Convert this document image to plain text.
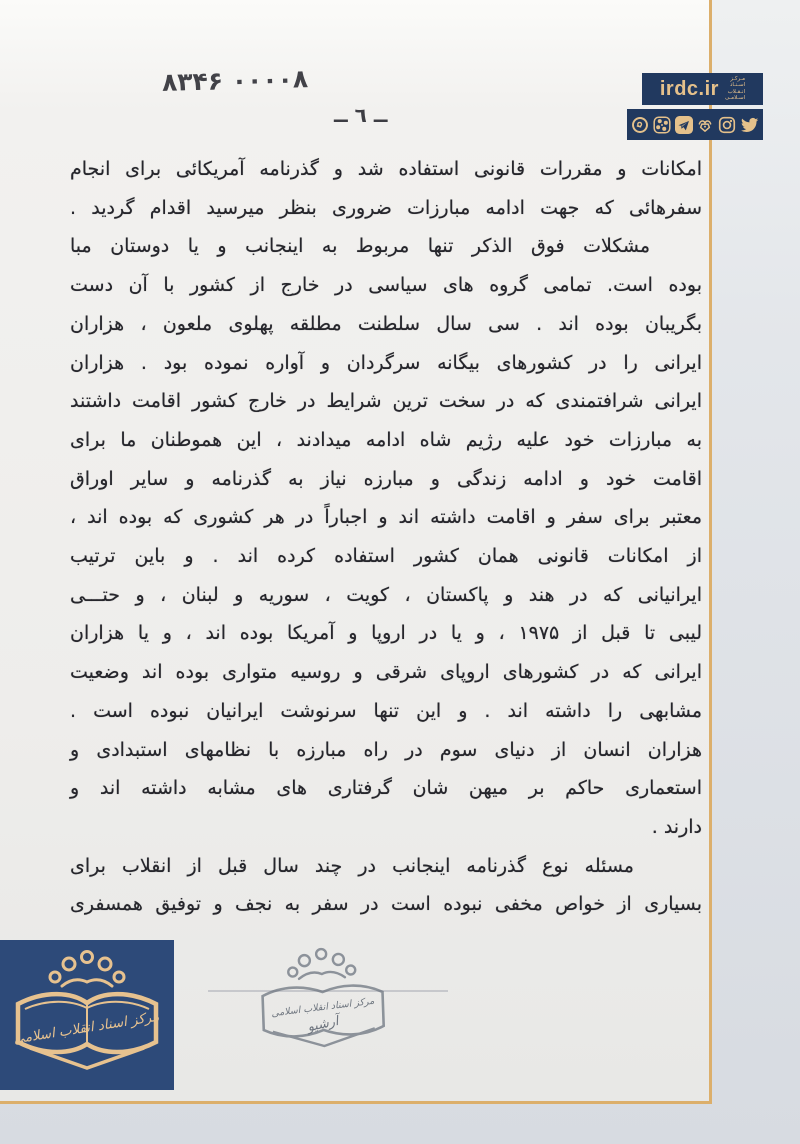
۸۳۴۶ ۰۰۰۰۸
ــ ٦ ــ
امکانات و مقررات قانونی استفاده شد و گذرنامه آمریکائی برای انجام
سفرهائی که جهت ادامه مبارزات ضروری بنظر میرسید اقدام گردید .
مشکلات فوق الذکر تنها مربوط به اینجانب و یا دوستان مبا
بوده است. تمامی گروه های سیاسی در خارج از کشور با آن دست
بگریبان بوده اند . سی سال سلطنت مطلقه پهلوی ملعون ، هزاران
ایرانی را در کشورهای بیگانه سرگردان و آواره نموده بود . هزاران
ایرانی شرافتمندی که در سخت ترین شرایط در خارج کشور اقامت داشتند
به مبارزات خود علیه رژیم شاه ادامه میدادند ، این هموطنان ما برای
اقامت خود و ادامه زندگی و مبارزه نیاز به گذرنامه و سایر اوراق
معتبر برای سفر و اقامت داشته اند و اجباراً در هر کشوری که بوده اند ،
از امکانات قانونی همان کشور استفاده کرده اند . و باین ترتیب
ایرانیانی که در هند و پاکستان ، کویت ، سوریه و لبنان ، و حتـــی
لیبی تا قبل از ۱۹۷۵ ، و یا در اروپا و آمریکا بوده اند ، و یا هزاران
ایرانی که در کشورهای اروپای شرقی و روسیه متواری بوده اند وضعیت
مشابهی را داشته اند . و این تنها سرنوشت ایرانیان نبوده است .
هزاران انسان از دنیای سوم در راه مبارزه با نظامهای استبدادی و
استعماری حاکم بر میهن شان گرفتاری های مشابه داشته اند و
دارند .
مسئله نوع گذرنامه اینجانب در چند سال قبل از انقلاب برای
بسیاری از خواص مخفی نبوده است در سفر به نجف و توفیق همسفری
irdc.ir	مـرکـز
اسـنـاد
انـقـلاب
اسـلامـی
مرکز اسناد انقلاب اسلامی
مرکز اسناد انقلاب اسلامی
آرشیو
